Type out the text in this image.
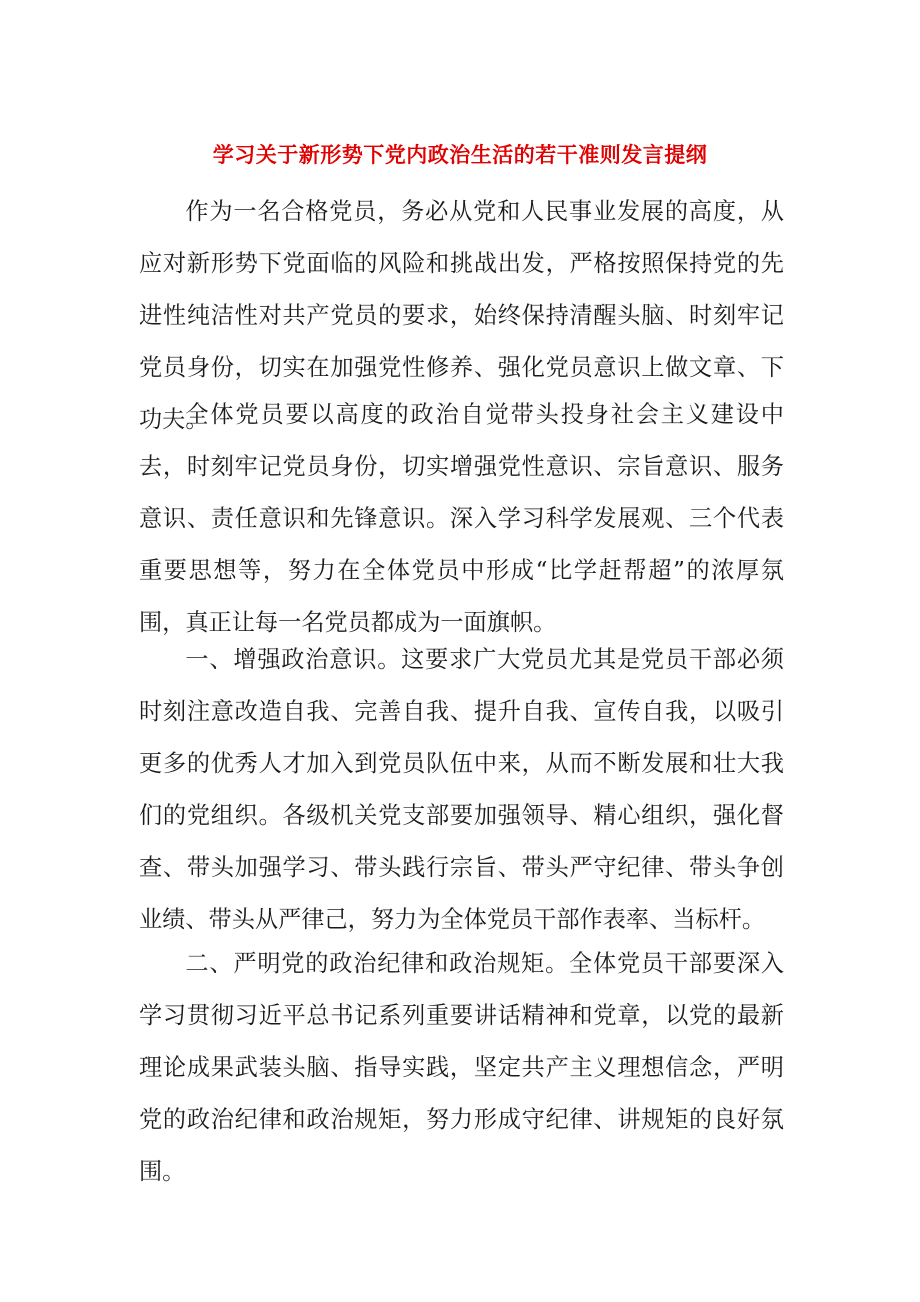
学习关于新形势下党内政治生活的若干准则发言提纲

作为一名合格党员，务必从党和人民事业发展的高度，从应对新形势下党面临的风险和挑战出发，严格按照保持党的先进性纯洁性对共产党员的要求，始终保持清醒头脑、时刻牢记党员身份，切实在加强党性修养、强化党员意识上做文章、下功夫。

全体党员要以高度的政治自觉带头投身社会主义建设中去，时刻牢记党员身份，切实增强党性意识、宗旨意识、服务意识、责任意识和先锋意识。深入学习科学发展观、三个代表重要思想等，努力在全体党员中形成“比学赶帮超”的浓厚氛围，真正让每一名党员都成为一面旗帜。

一、增强政治意识。这要求广大党员尤其是党员干部必须时刻注意改造自我、完善自我、提升自我、宣传自我，以吸引更多的优秀人才加入到党员队伍中来，从而不断发展和壮大我们的党组织。各级机关党支部要加强领导、精心组织，强化督查、带头加强学习、带头践行宗旨、带头严守纪律、带头争创业绩、带头从严律己，努力为全体党员干部作表率、当标杆。

二、严明党的政治纪律和政治规矩。全体党员干部要深入学习贯彻习近平总书记系列重要讲话精神和党章，以党的最新理论成果武装头脑、指导实践，坚定共产主义理想信念，严明党的政治纪律和政治规矩，努力形成守纪律、讲规矩的良好氛围。
